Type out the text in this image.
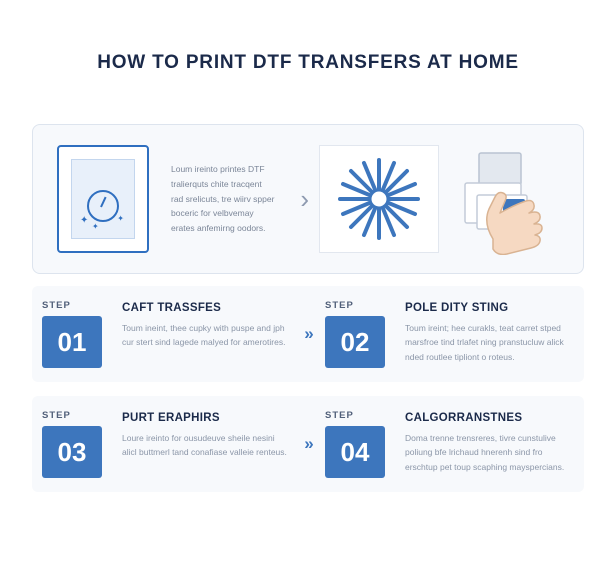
HOW TO PRINT DTF TRANSFERS AT HOME
✦
✦
✦
Loum ireinto printes DTF tralierquts chite tracqent rad srelicuts, tre wiirv spper boceric for velbvemay erates anfemirng oodors.
›
STEP
01
CAFT TRASSFES
Toum ineint, thee cupky with puspe and jph cur stert sind lagede malyed for amerotires.	»
STEP
02
POLE DITY STING
Toum ireint; hee curakls, teat carret stped marsfroe tind trlafet ning pranstucluw alick nded routlee tipliont o roteus.
STEP
03
PURT ERAPHIRS
Loure ireinto for ousudeuve sheile nesini alicl buttmerl tand conafiase valleie renteus.	»
STEP
04
CALGORRANSTNES
Doma trenne trensreres, tivre cunstulive poliung bfe lrichaud hnerenh sind fro erschtup pet toup scaphing mayspercians.
